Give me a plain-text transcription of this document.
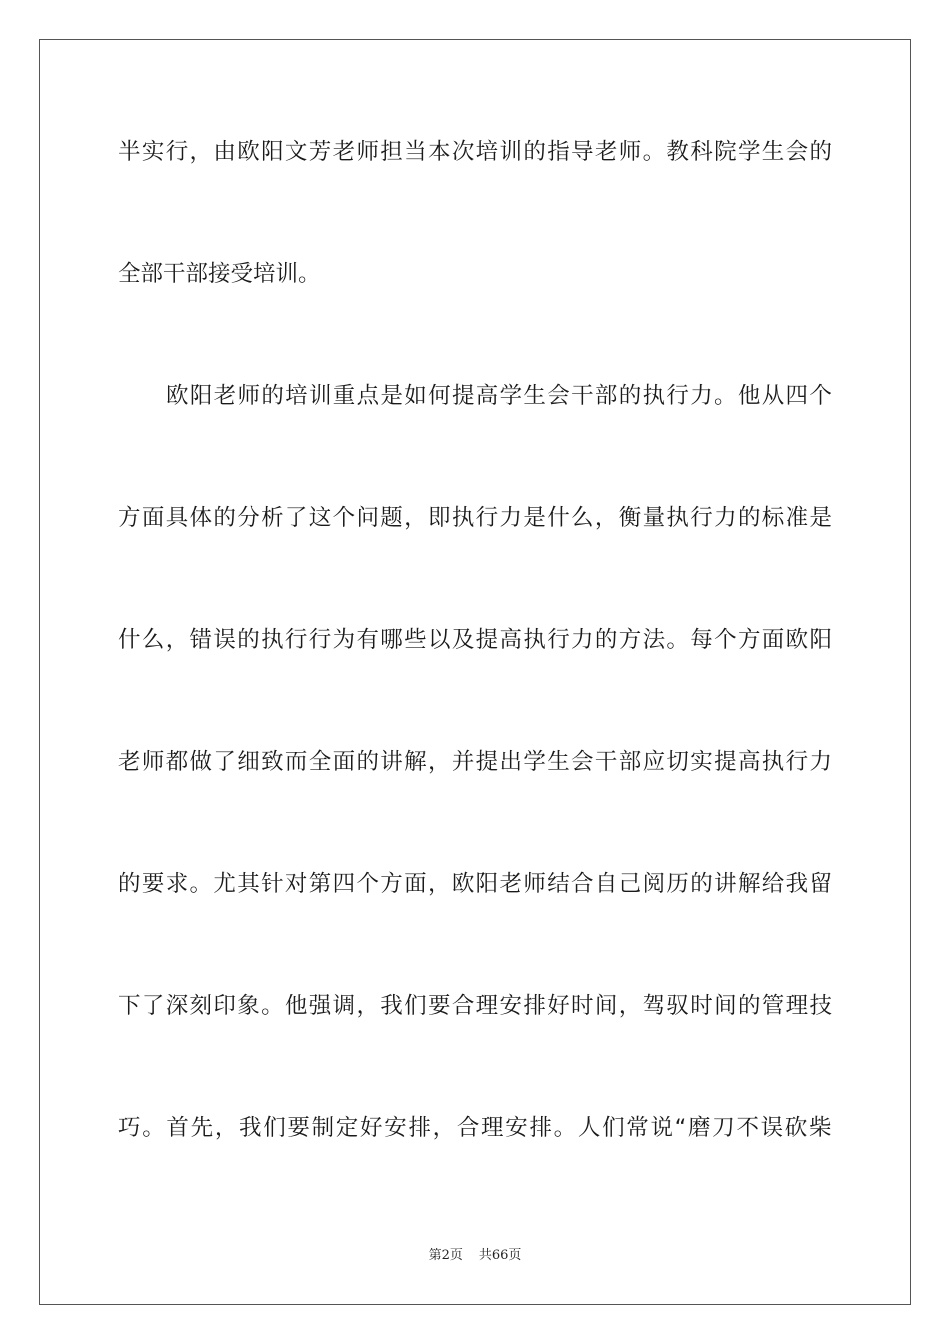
半 实 行 ， 由 欧 阳 文 芳 老 师 担 当 本 次 培 训 的 指 导 老 师 。 教 科 院 学 生 会 的
全部干部接受培训。
欧 阳 老 师 的 培 训 重 点 是 如 何 提 高 学 生 会 干 部 的 执 行 力 。 他 从 四 个
方 面 具 体 的 分 析 了 这 个 问 题 ， 即 执 行 力 是 什 么 ， 衡 量 执 行 力 的 标 准 是
什 么 ， 错 误 的 执 行 行 为 有 哪 些 以 及 提 高 执 行 力 的 方 法 。 每 个 方 面 欧 阳
老 师 都 做 了 细 致 而 全 面 的 讲 解 ， 并 提 出 学 生 会 干 部 应 切 实 提 高 执 行 力
的 要 求 。 尤 其 针 对 第 四 个 方 面 ， 欧 阳 老 师 结 合 自 己 阅 历 的 讲 解 给 我 留
下 了 深 刻 印 象 。 他 强 调 ， 我 们 要 合 理 安 排 好 时 间 ， 驾 驭 时 间 的 管 理 技
巧 。 首 先 ， 我 们 要 制 定 好 安 排 ， 合 理 安 排 。 人 们 常 说 “ 磨 刀 不 误 砍 柴
第2页 共66页
